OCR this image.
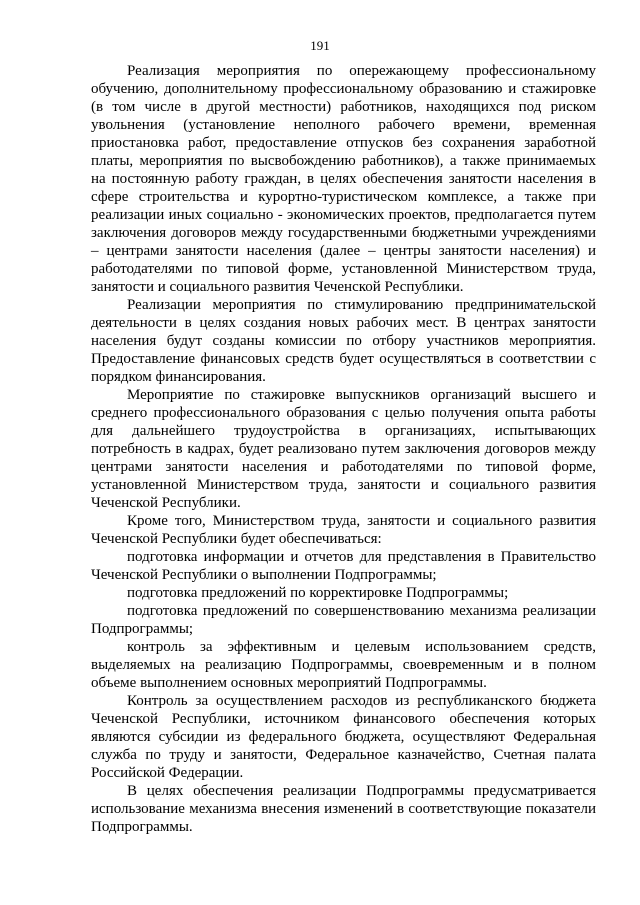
191

Реализация мероприятия по опережающему профессиональному обучению, дополнительному профессиональному образованию и стажировке (в том числе в другой местности) работников, находящихся под риском увольнения (установление неполного рабочего времени, временная приостановка работ, предоставление отпусков без сохранения заработной платы, мероприятия по высвобождению работников), а также принимаемых на постоянную работу граждан, в целях обеспечения занятости населения в сфере строительства и курортно-туристическом комплексе, а также при реализации иных социально - экономических проектов, предполагается путем заключения договоров между государственными бюджетными учреждениями – центрами занятости населения (далее – центры занятости населения) и работодателями по типовой форме, установленной Министерством труда, занятости и социального развития Чеченской Республики.

Реализации мероприятия по стимулированию предпринимательской деятельности в целях создания новых рабочих мест. В центрах занятости населения будут созданы комиссии по отбору участников мероприятия. Предоставление финансовых средств будет осуществляться в соответствии с порядком финансирования.

Мероприятие по стажировке выпускников организаций высшего и среднего профессионального образования с целью получения опыта работы для дальнейшего трудоустройства в организациях, испытывающих потребность в кадрах, будет реализовано путем заключения договоров между центрами занятости населения и работодателями по типовой форме, установленной Министерством труда, занятости и социального развития Чеченской Республики.

Кроме того, Министерством труда, занятости и социального развития Чеченской Республики будет обеспечиваться:

подготовка информации и отчетов для представления в Правительство Чеченской Республики о выполнении Подпрограммы;

подготовка предложений по корректировке Подпрограммы;

подготовка предложений по совершенствованию механизма реализации Подпрограммы;

контроль за эффективным и целевым использованием средств, выделяемых на реализацию Подпрограммы, своевременным и в полном объеме выполнением основных мероприятий Подпрограммы.

Контроль за осуществлением расходов из республиканского бюджета Чеченской Республики, источником финансового обеспечения которых являются субсидии из федерального бюджета, осуществляют Федеральная служба по труду и занятости, Федеральное казначейство, Счетная палата Российской Федерации.

В целях обеспечения реализации Подпрограммы предусматривается использование механизма внесения изменений в соответствующие показатели Подпрограммы.
